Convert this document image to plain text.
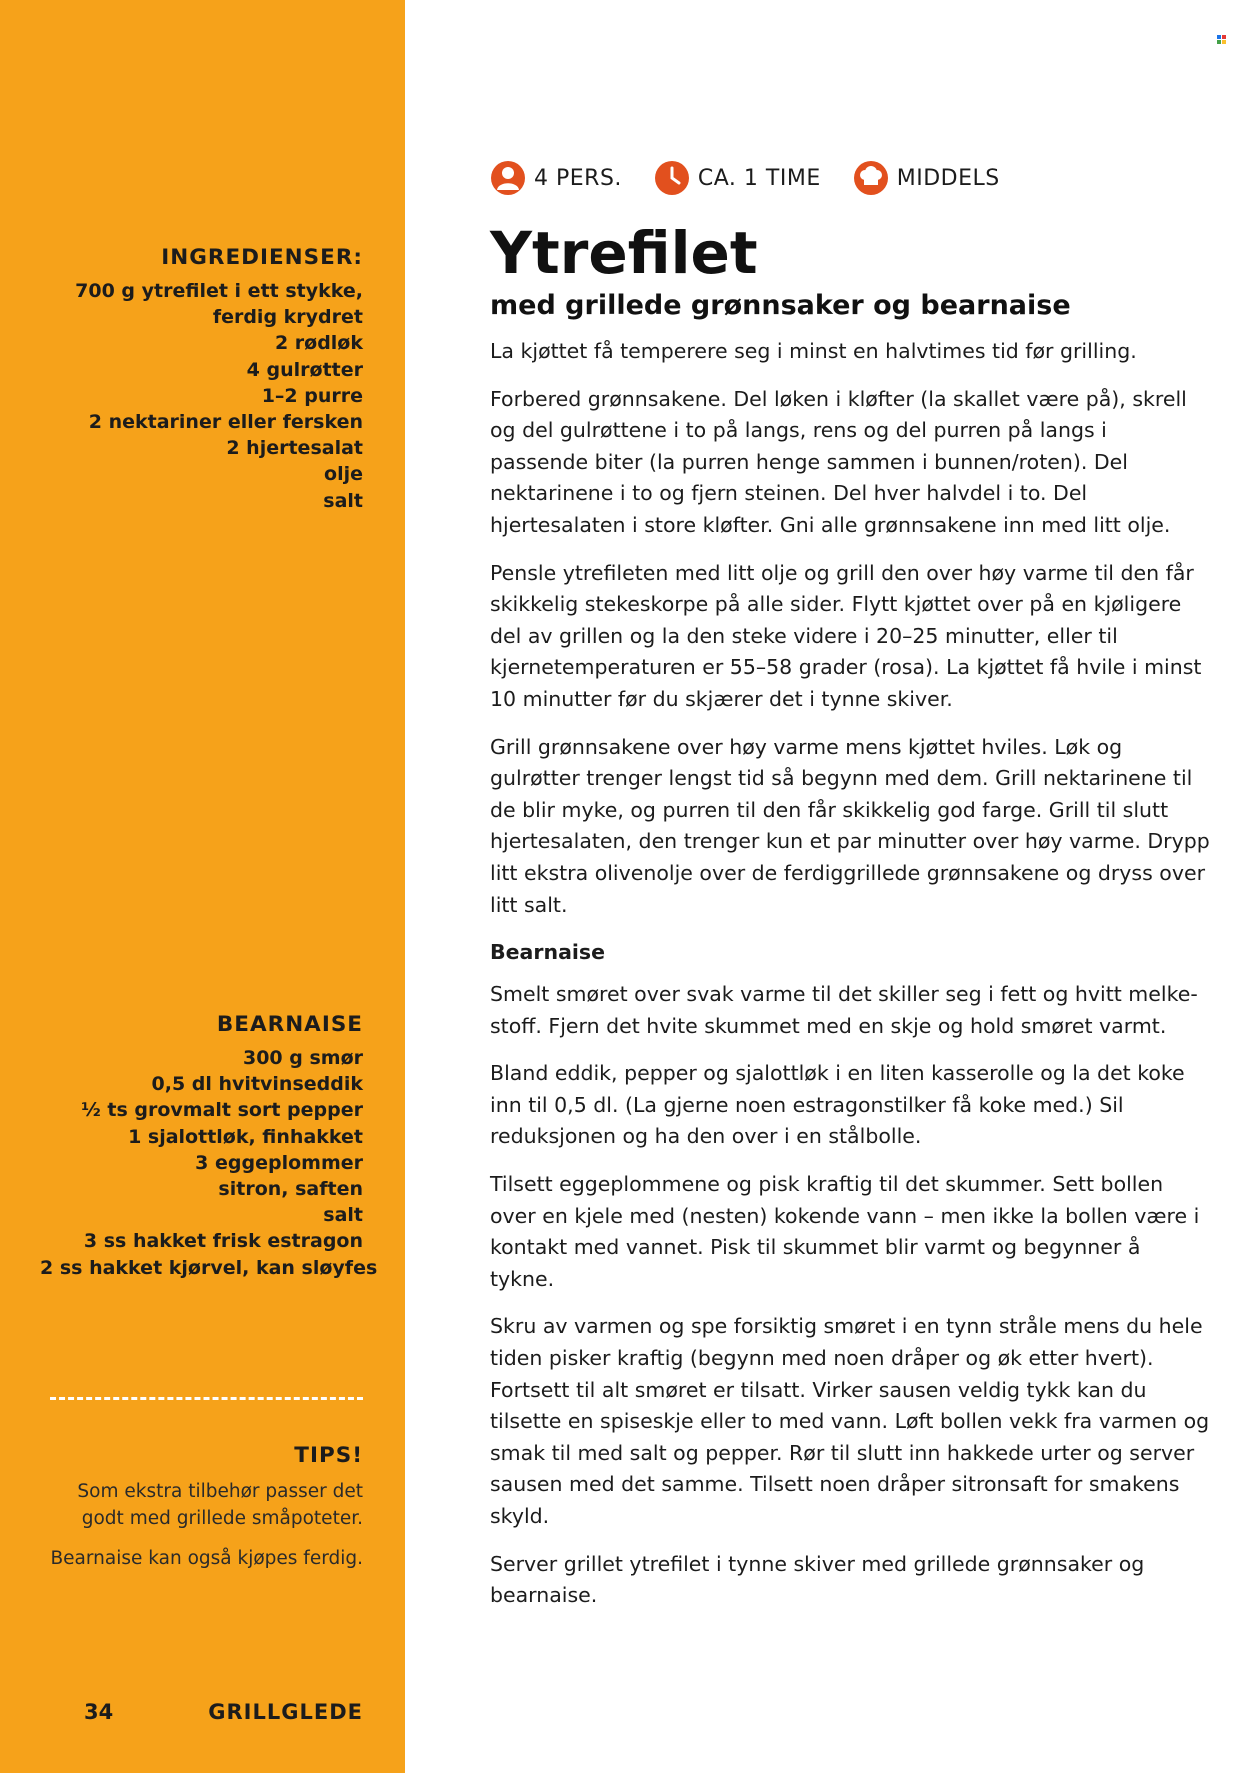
INGREDIENSER:
700 g ytrefilet i ett stykke,
ferdig krydret
2 rødløk
4 gulrøtter
1–2 purre
2 nektariner eller fersken
2 hjertesalat
olje
salt
BEARNAISE
300 g smør
0,5 dl hvitvinseddik
½ ts grovmalt sort pepper
1 sjalottløk, finhakket
3 eggeplommer
sitron, saften
salt
3 ss hakket frisk estragon
2 ss hakket kjørvel, kan sløyfes
TIPS!

Som ekstra tilbehør passer det godt med grillede småpoteter.

Bearnaise kan også kjøpes ferdig.

34	GRILLGLEDE
4 PERS.	CA. 1 TIME	MIDDELS
Ytrefilet
med grillede grønnsaker og bearnaise

La kjøttet få temperere seg i minst en halvtimes tid før grilling.

Forbered grønnsakene. Del løken i kløfter (la skallet være på), skrell og del gulrøttene i to på langs, rens og del purren på langs i passende biter (la purren henge sammen i bunnen/roten). Del nektarinene i to og fjern steinen. Del hver halvdel i to. Del hjertesalaten i store kløfter. Gni alle grønnsakene inn med litt olje.

Pensle ytrefileten med litt olje og grill den over høy varme til den får skikkelig stekeskorpe på alle sider. Flytt kjøttet over på en kjøligere del av grillen og la den steke videre i 20–25 minutter, eller til kjernetemperaturen er 55–58 grader (rosa). La kjøttet få hvile i minst 10 minutter før du skjærer det i tynne skiver.

Grill grønnsakene over høy varme mens kjøttet hviles. Løk og gulrøtter trenger lengst tid så begynn med dem. Grill nektarinene til de blir myke, og purren til den får skikkelig god farge. Grill til slutt hjertesalaten, den trenger kun et par minutter over høy varme. Drypp litt ekstra olivenolje over de ferdiggrillede grønnsakene og dryss over litt salt.

Bearnaise

Smelt smøret over svak varme til det skiller seg i fett og hvitt melkestoff. Fjern det hvite skummet med en skje og hold smøret varmt.

Bland eddik, pepper og sjalottløk i en liten kasserolle og la det koke inn til 0,5 dl. (La gjerne noen estragonstilker få koke med.) Sil reduksjonen og ha den over i en stålbolle.

Tilsett eggeplommene og pisk kraftig til det skummer. Sett bollen over en kjele med (nesten) kokende vann – men ikke la bollen være i kontakt med vannet. Pisk til skummet blir varmt og begynner å tykne.

Skru av varmen og spe forsiktig smøret i en tynn stråle mens du hele tiden pisker kraftig (begynn med noen dråper og øk etter hvert). Fortsett til alt smøret er tilsatt. Virker sausen veldig tykk kan du tilsette en spiseskje eller to med vann. Løft bollen vekk fra varmen og smak til med salt og pepper. Rør til slutt inn hakkede urter og server sausen med det samme. Tilsett noen dråper sitronsaft for smakens skyld.

Server grillet ytrefilet i tynne skiver med grillede grønnsaker og bearnaise.
